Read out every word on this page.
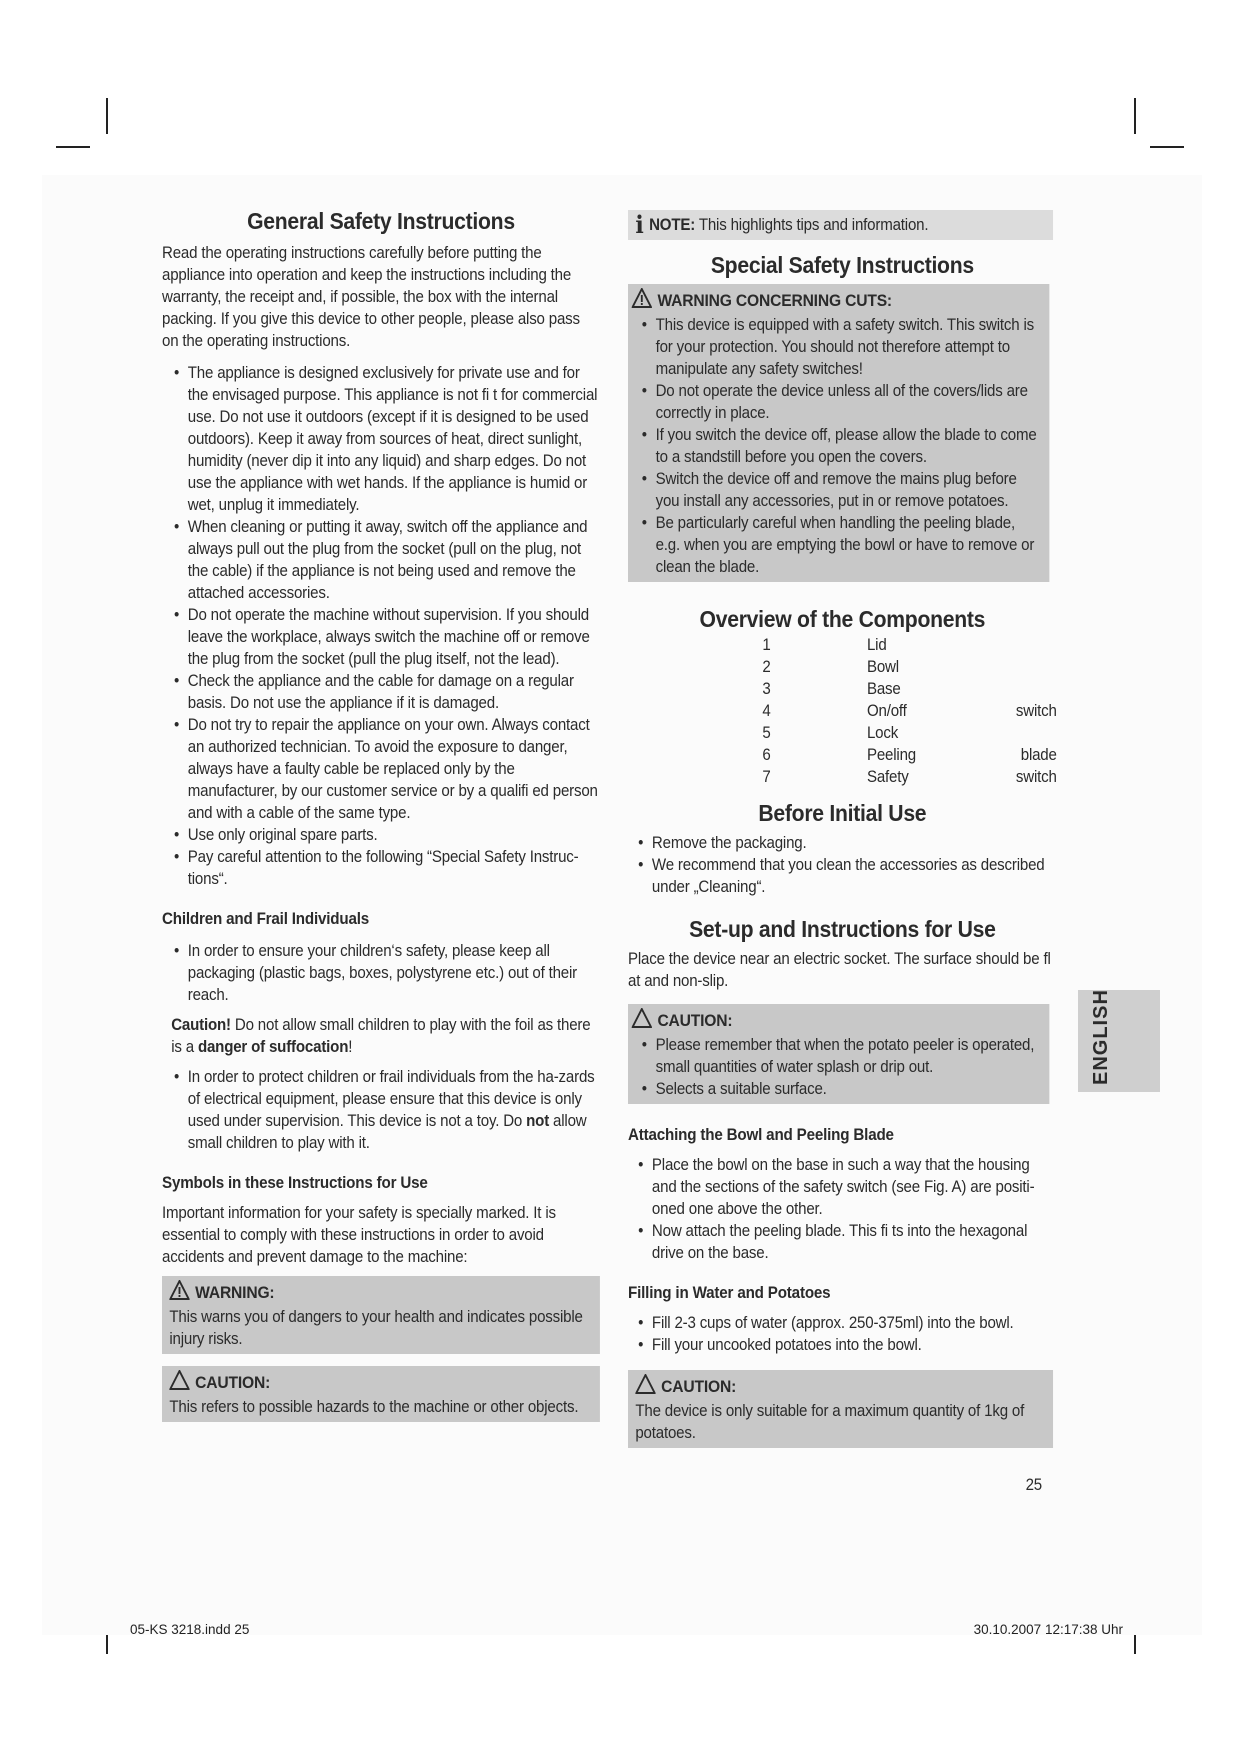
General Safety Instructions

Read the operating instructions carefully before putting the appliance into operation and keep the instructions including the warranty, the receipt and, if possible, the box with the internal packing. If you give this device to other people, please also pass on the operating instructions.

• The appliance is designed exclusively for private use and for the envisaged purpose. This appliance is not fi t for commercial use. Do not use it outdoors (except if it is designed to be used outdoors). Keep it away from sources of heat, direct sunlight, humidity (never dip it into any liquid) and sharp edges. Do not use the appliance with wet hands. If the appliance is humid or wet, unplug it immediately.
• When cleaning or putting it away, switch off the appliance and always pull out the plug from the socket (pull on the plug, not the cable) if the appliance is not being used and remove the attached accessories.
• Do not operate the machine without supervision. If you should leave the workplace, always switch the machine off or remove the plug from the socket (pull the plug itself, not the lead).
• Check the appliance and the cable for damage on a regular basis. Do not use the appliance if it is damaged.
• Do not try to repair the appliance on your own. Always contact an authorized technician. To avoid the exposure to danger, always have a faulty cable be replaced only by the manufacturer, by our customer service or by a qualifi ed person and with a cable of the same type.
• Use only original spare parts.
• Pay careful attention to the following “Special Safety Instruc-tions“.
Children and Frail Individuals
• In order to ensure your children‘s safety, please keep all packaging (plastic bags, boxes, polystyrene etc.) out of their reach.

Caution! Do not allow small children to play with the foil as there is a danger of suffocation!

• In order to protect children or frail individuals from the ha-zards of electrical equipment, please ensure that this device is only used under supervision. This device is not a toy. Do not allow small children to play with it.
Symbols in these Instructions for Use

Important information for your safety is specially marked. It is essential to comply with these instructions in order to avoid accidents and prevent damage to the machine:

WARNING:

This warns you of dangers to your health and indicates possible injury risks.

CAUTION:

This refers to possible hazards to the machine or other objects.

i NOTE: This highlights tips and information.
Special Safety Instructions
WARNING CONCERNING CUTS:
• This device is equipped with a safety switch. This switch is for your protection. You should not therefore attempt to manipulate any safety switches!
• Do not operate the device unless all of the covers/lids are correctly in place.
• If you switch the device off, please allow the blade to come to a standstill before you open the covers.
• Switch the device off and remove the mains plug before you install any accessories, put in or remove potatoes.
• Be particularly careful when handling the peeling blade, e.g. when you are emptying the bowl or have to remove or clean the blade.
Overview of the Components
1	Lid	
2	Bowl	
3	Base	
4	On/off	switch
5	Lock	
6	Peeling	blade
7	Safety	switch
Before Initial Use
• Remove the packaging.
• We recommend that you clean the accessories as described under „Cleaning“.
Set-up and Instructions for Use

Place the device near an electric socket. The surface should be fl at and non-slip.

CAUTION:
• Please remember that when the potato peeler is operated, small quantities of water splash or drip out.
• Selects a suitable surface.
Attaching the Bowl and Peeling Blade
• Place the bowl on the base in such a way that the housing and the sections of the safety switch (see Fig. A) are positi-oned one above the other.
• Now attach the peeling blade. This fi ts into the hexagonal drive on the base.
Filling in Water and Potatoes
• Fill 2-3 cups of water (approx. 250-375ml) into the bowl.
• Fill your uncooked potatoes into the bowl.
CAUTION:

The device is only suitable for a maximum quantity of 1kg of potatoes.

25
ENGLISH
05-KS 3218.indd 25	30.10.2007 12:17:38 Uhr
